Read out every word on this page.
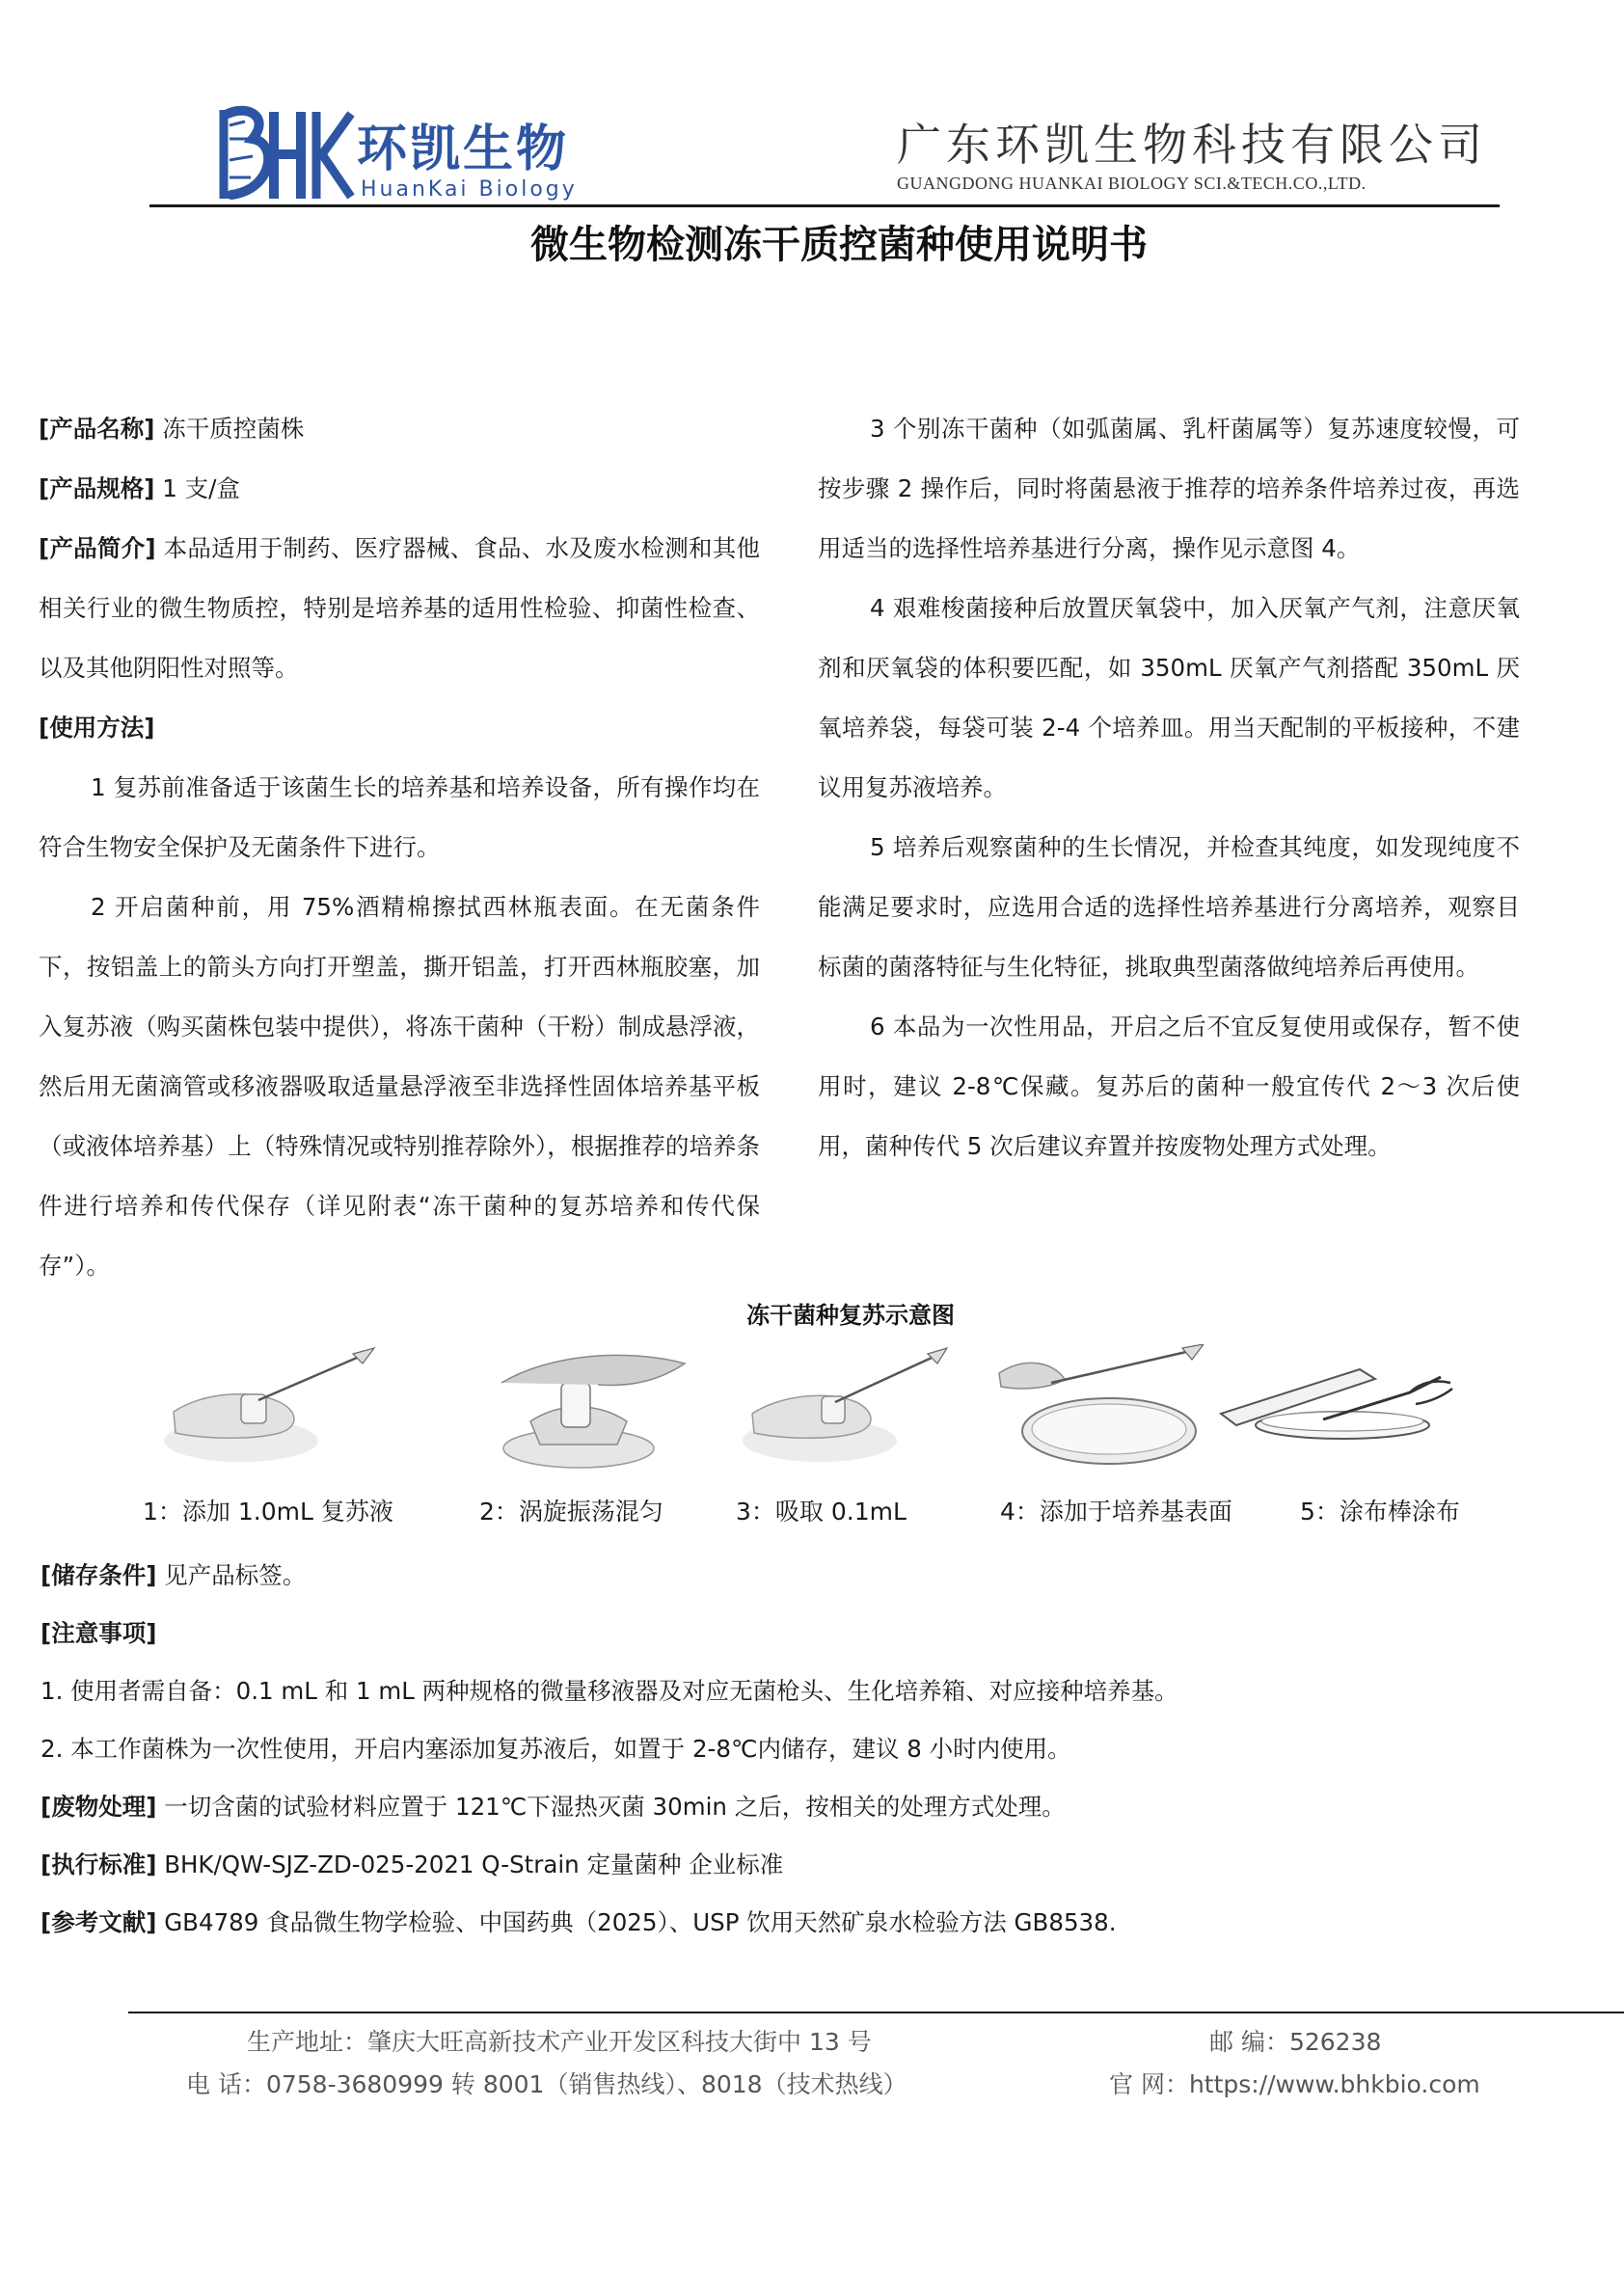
环凯生物
HuanKai Biology
广东环凯生物科技有限公司
GUANGDONG HUANKAI BIOLOGY SCI.&TECH.CO.,LTD.
微生物检测冻干质控菌种使用说明书

[产品名称] 冻干质控菌株

[产品规格] 1 支/盒

[产品简介] 本品适用于制药、医疗器械、食品、水及废水检测和其他相关行业的微生物质控，特别是培养基的适用性检验、抑菌性检查、以及其他阴阳性对照等。

[使用方法]

1 复苏前准备适于该菌生长的培养基和培养设备，所有操作均在符合生物安全保护及无菌条件下进行。

2 开启菌种前，用 75%酒精棉擦拭西林瓶表面。在无菌条件下，按铝盖上的箭头方向打开塑盖，撕开铝盖，打开西林瓶胶塞，加入复苏液（购买菌株包装中提供），将冻干菌种（干粉）制成悬浮液，然后用无菌滴管或移液器吸取适量悬浮液至非选择性固体培养基平板（或液体培养基）上（特殊情况或特别推荐除外），根据推荐的培养条件进行培养和传代保存（详见附表“冻干菌种的复苏培养和传代保存”）。

3 个别冻干菌种（如弧菌属、乳杆菌属等）复苏速度较慢，可按步骤 2 操作后，同时将菌悬液于推荐的培养条件培养过夜，再选用适当的选择性培养基进行分离，操作见示意图 4。

4 艰难梭菌接种后放置厌氧袋中，加入厌氧产气剂，注意厌氧剂和厌氧袋的体积要匹配，如 350mL 厌氧产气剂搭配 350mL 厌氧培养袋，每袋可装 2-4 个培养皿。用当天配制的平板接种，不建议用复苏液培养。

5 培养后观察菌种的生长情况，并检查其纯度，如发现纯度不能满足要求时，应选用合适的选择性培养基进行分离培养，观察目标菌的菌落特征与生化特征，挑取典型菌落做纯培养后再使用。

6 本品为一次性用品，开启之后不宜反复使用或保存，暂不使用时，建议 2-8℃保藏。复苏后的菌种一般宜传代 2～3 次后使用，菌种传代 5 次后建议弃置并按废物处理方式处理。

冻干菌种复苏示意图
1：添加 1.0mL 复苏液	2：涡旋振荡混匀	3：吸取 0.1mL	4：添加于培养基表面	5：涂布棒涂布

[储存条件] 见产品标签。

[注意事项]

1. 使用者需自备：0.1 mL 和 1 mL 两种规格的微量移液器及对应无菌枪头、生化培养箱、对应接种培养基。

2. 本工作菌株为一次性使用，开启内塞添加复苏液后，如置于 2-8℃内储存，建议 8 小时内使用。

[废物处理] 一切含菌的试验材料应置于 121℃下湿热灭菌 30min 之后，按相关的处理方式处理。

[执行标准] BHK/QW-SJZ-ZD-025-2021 Q-Strain 定量菌种 企业标准

[参考文献] GB4789 食品微生物学检验、中国药典（2025）、USP 饮用天然矿泉水检验方法 GB8538.

生产地址：肇庆大旺高新技术产业开发区科技大街中 13 号	邮 编：526238
电 话：0758-3680999 转 8001（销售热线）、8018（技术热线）	官 网：https://www.bhkbio.com
